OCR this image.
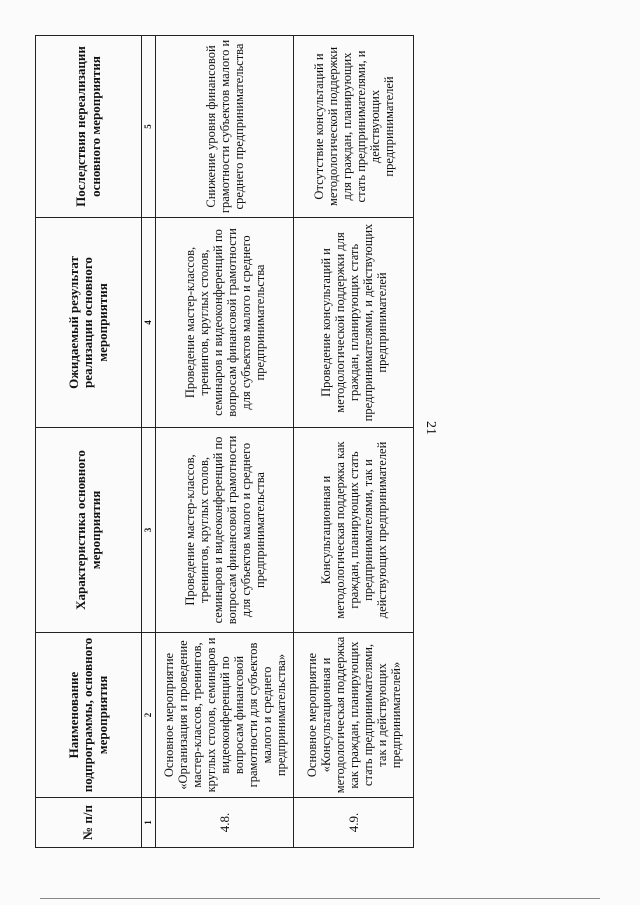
21
№ п/п	Наименование подпрограммы, основного мероприятия	Характеристика основного мероприятия	Ожидаемый результат реализации основного мероприятия	Последствия нереализации основного мероприятия
1	2	3	4	5
4.8.	Основное мероприятие «Организация и проведение мастер-классов, тренингов, круглых столов, семинаров и видеоконференций по вопросам финансовой грамотности для субъектов малого и среднего предпринимательства»	Проведение мастер-классов, тренингов, круглых столов, семинаров и видеоконференций по вопросам финансовой грамотности для субъектов малого и среднего предпринимательства	Проведение мастер-классов, тренингов, круглых столов, семинаров и видеоконференций по вопросам финансовой грамотности для субъектов малого и среднего предпринимательства	Снижение уровня финансовой грамотности субъектов малого и среднего предпринимательства
4.9.	Основное мероприятие «Консультационная и методологическая поддержка как граждан, планирующих стать предпринимателями, так и действующих предпринимателей»	Консультационная и методологическая поддержка как граждан, планирующих стать предпринимателями, так и действующих предпринимателей	Проведение консультаций и методологической поддержки для граждан, планирующих стать предпринимателями, и действующих предпринимателей	Отсутствие консультаций и методологической поддержки для граждан, планирующих стать предпринимателями, и действующих предпринимателей
